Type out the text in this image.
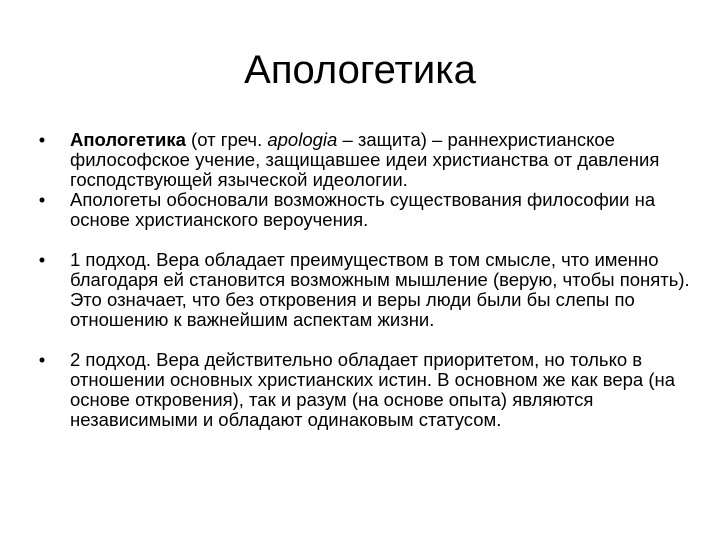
Апологетика
• Апологетика (от греч. apologia – защита) – раннехристианское философское учение, защищавшее идеи христианства от давления господствующей языческой идеологии.
• Апологеты обосновали возможность существования философии на основе христианского вероучения.
• 1 подход. Вера обладает преимуществом в том смысле, что именно благодаря ей становится возможным мышление (верую, чтобы понять). Это означает, что без откровения и веры люди были бы слепы по отношению к важнейшим аспектам жизни.
• 2 подход. Вера действительно обладает приоритетом, но только в отношении основных христианских истин. В основном же как вера (на основе откровения), так и разум (на основе опыта) являются независимыми и обладают одинаковым статусом.
